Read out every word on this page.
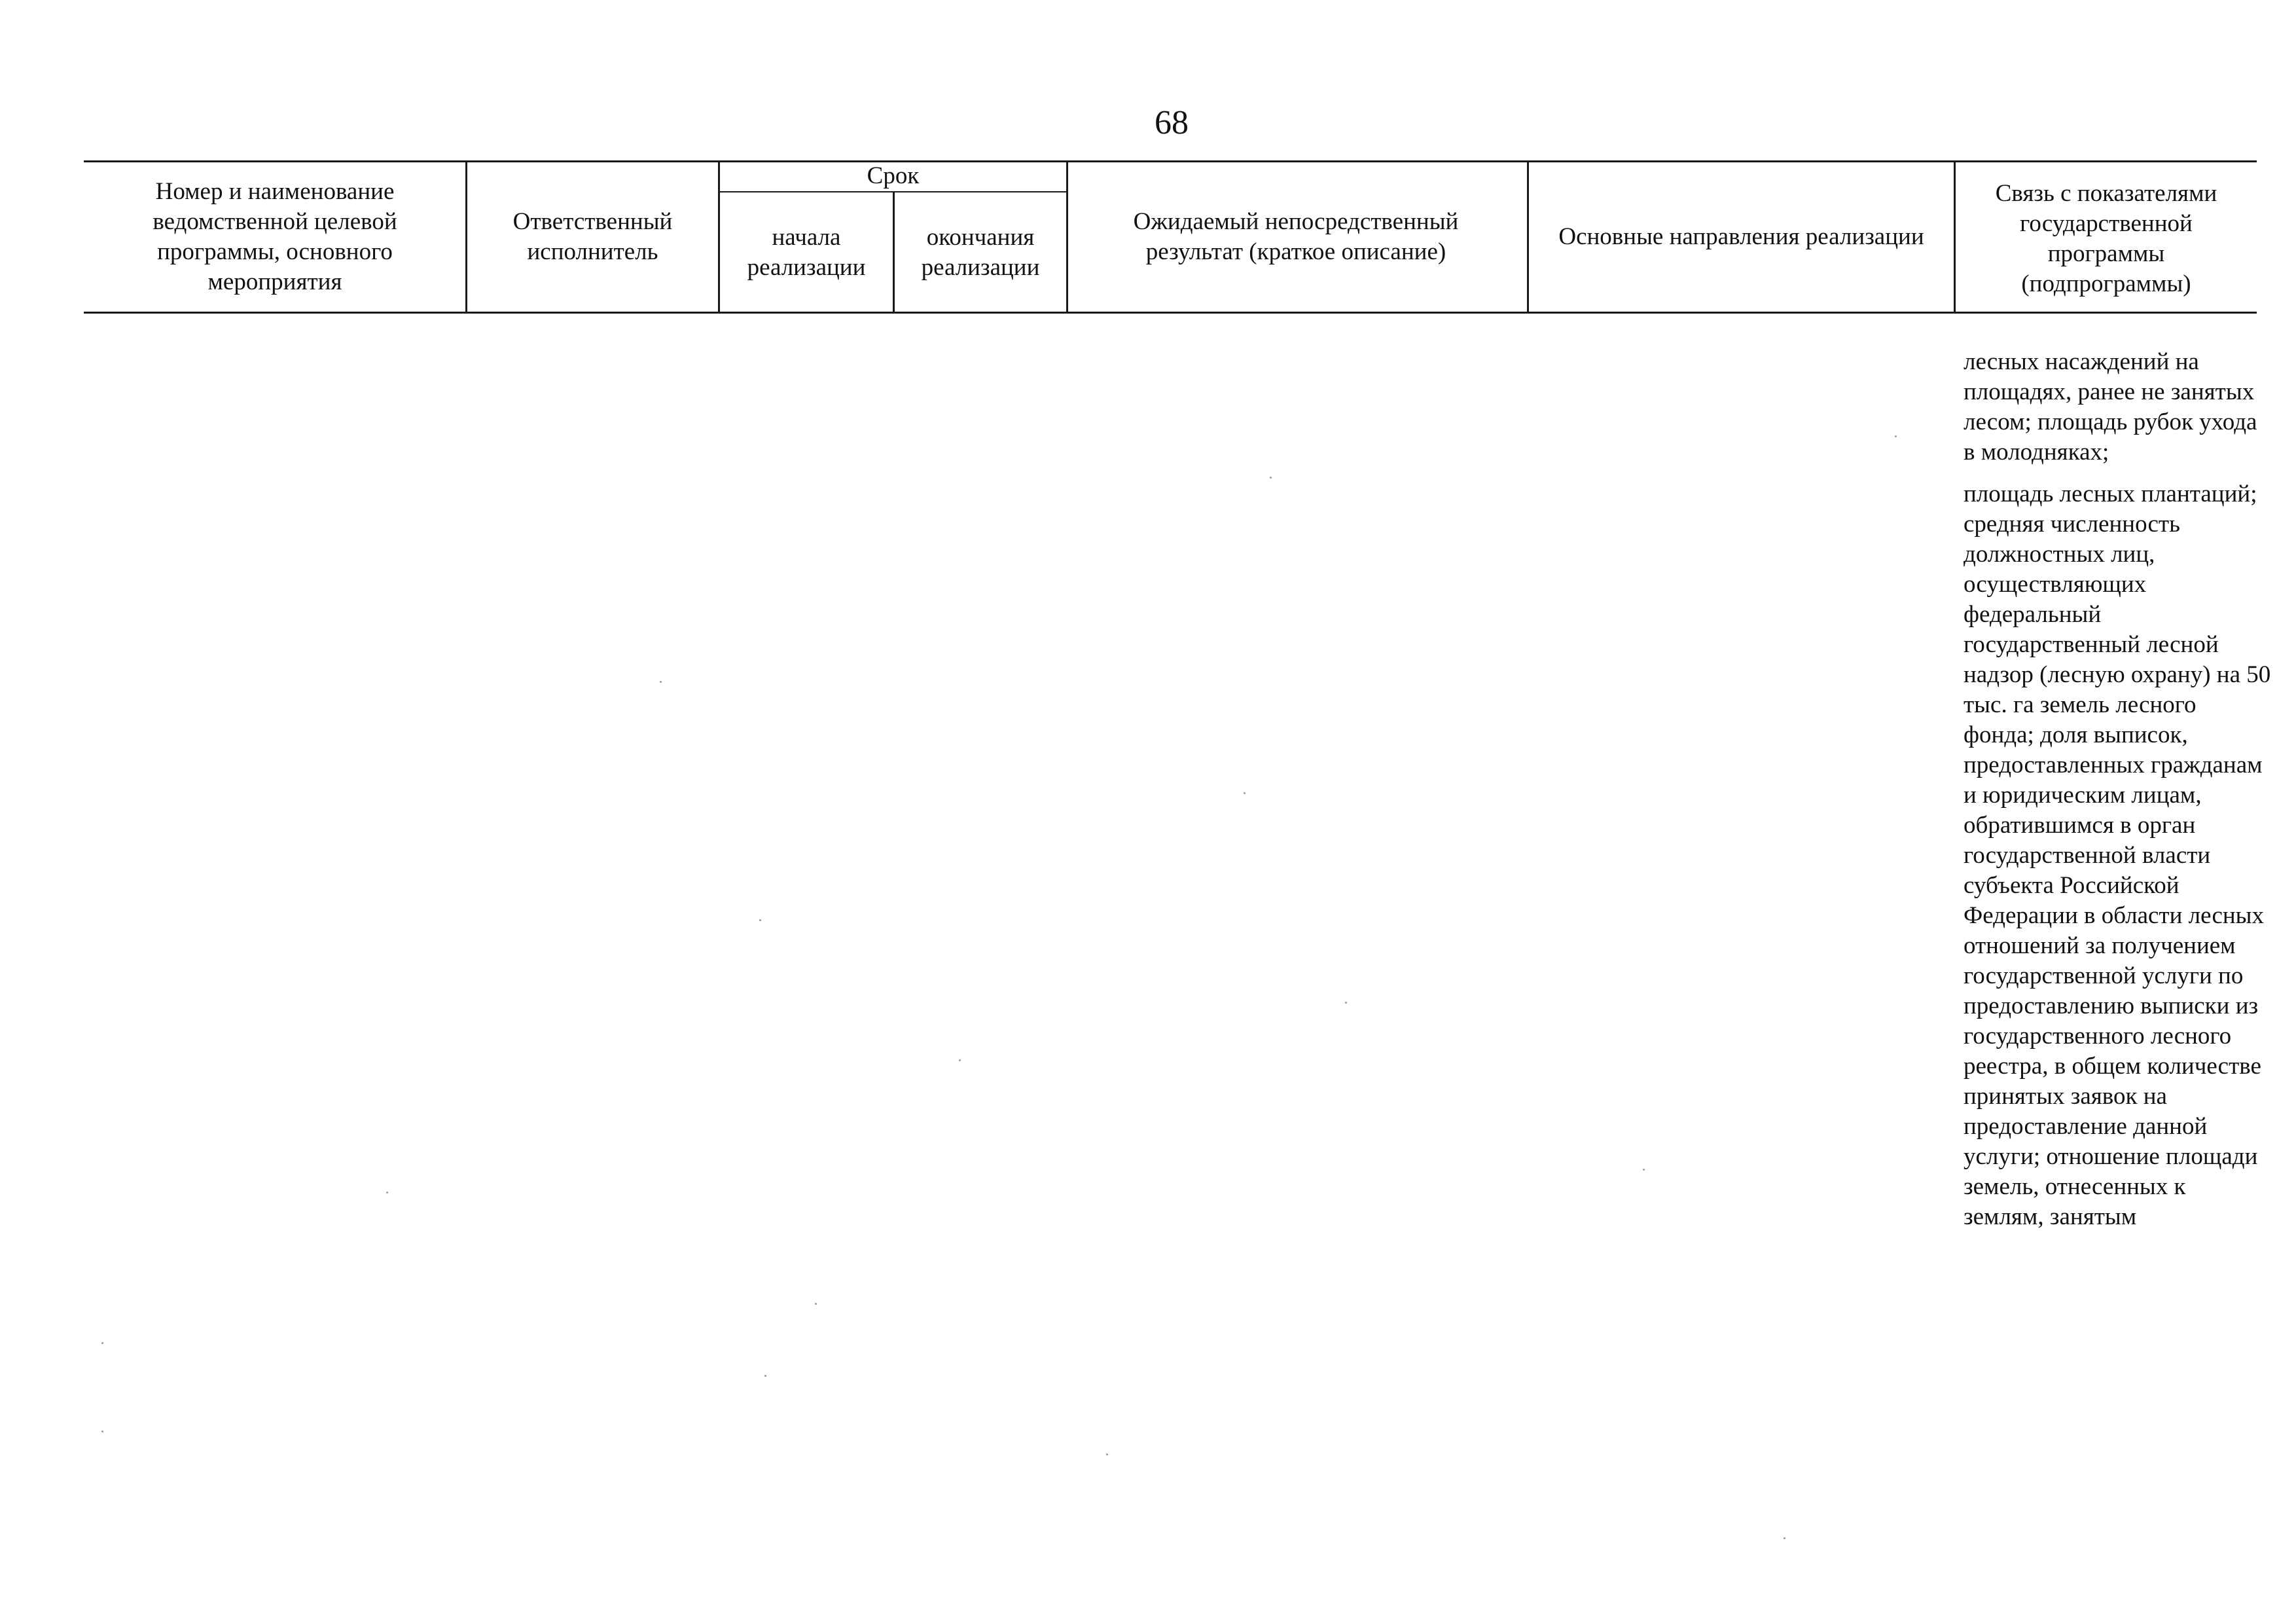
68
Номер и наименование ведомственной целевой программы, основного мероприятия
Ответственный исполнитель
Срок
начала реализации
окончания реализации
Ожидаемый непосредственный результат (краткое описание)
Основные направления реализации
Связь с показателями государственной программы (подпрограммы)

лесных насаждений на площадях, ранее не занятых лесом; площадь рубок ухода в молодняках;

площадь лесных плантаций; средняя численность должностных лиц, осуществляющих федеральный государственный лесной надзор (лесную охрану) на 50 тыс. га земель лесного фонда; доля выписок, предоставленных гражданам и юридическим лицам, обратившимся в орган государственной власти субъекта Российской Федерации в области лесных отношений за получением государственной услуги по предоставлению выписки из государственного лесного реестра, в общем количестве принятых заявок на предоставление данной услуги; отношение площади земель, отнесенных к землям, занятым
